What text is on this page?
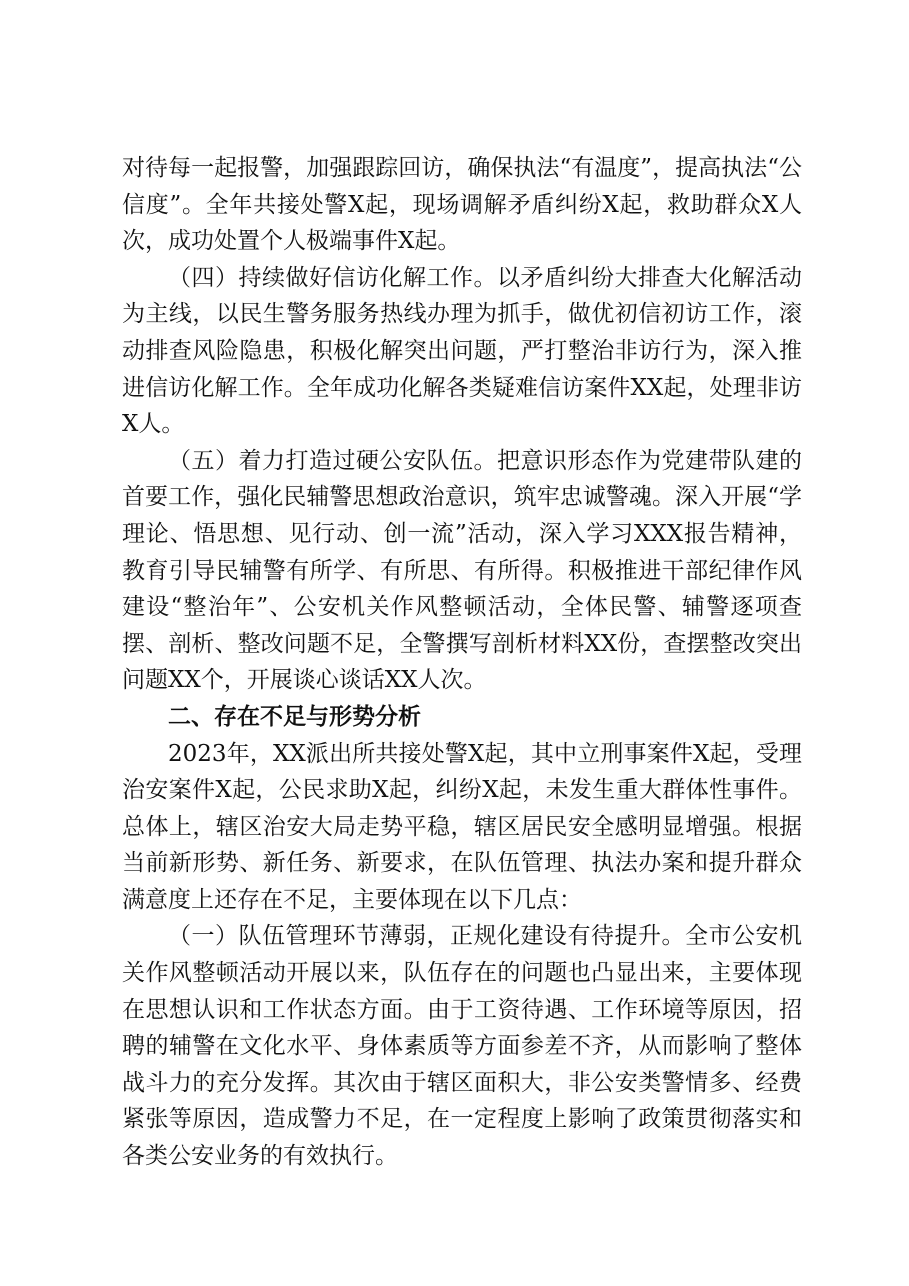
对待每一起报警，加强跟踪回访，确保执法“有温度”，提高执法“公信度”。全年共接处警X起，现场调解矛盾纠纷X起，救助群众X人次，成功处置个人极端事件X起。

（四）持续做好信访化解工作。以矛盾纠纷大排查大化解活动为主线，以民生警务服务热线办理为抓手，做优初信初访工作，滚动排查风险隐患，积极化解突出问题，严打整治非访行为，深入推进信访化解工作。全年成功化解各类疑难信访案件XX起，处理非访X人。

（五）着力打造过硬公安队伍。把意识形态作为党建带队建的首要工作，强化民辅警思想政治意识，筑牢忠诚警魂。深入开展“学理论、悟思想、见行动、创一流”活动，深入学习XXX报告精神，教育引导民辅警有所学、有所思、有所得。积极推进干部纪律作风建设“整治年”、公安机关作风整顿活动，全体民警、辅警逐项查摆、剖析、整改问题不足，全警撰写剖析材料XX份，查摆整改突出问题XX个，开展谈心谈话XX人次。

二、存在不足与形势分析

2023年，XX派出所共接处警X起，其中立刑事案件X起，受理治安案件X起，公民求助X起，纠纷X起，未发生重大群体性事件。总体上，辖区治安大局走势平稳，辖区居民安全感明显增强。根据当前新形势、新任务、新要求，在队伍管理、执法办案和提升群众满意度上还存在不足，主要体现在以下几点：

（一）队伍管理环节薄弱，正规化建设有待提升。全市公安机关作风整顿活动开展以来，队伍存在的问题也凸显出来，主要体现在思想认识和工作状态方面。由于工资待遇、工作环境等原因，招聘的辅警在文化水平、身体素质等方面参差不齐，从而影响了整体战斗力的充分发挥。其次由于辖区面积大，非公安类警情多、经费紧张等原因，造成警力不足，在一定程度上影响了政策贯彻落实和各类公安业务的有效执行。
